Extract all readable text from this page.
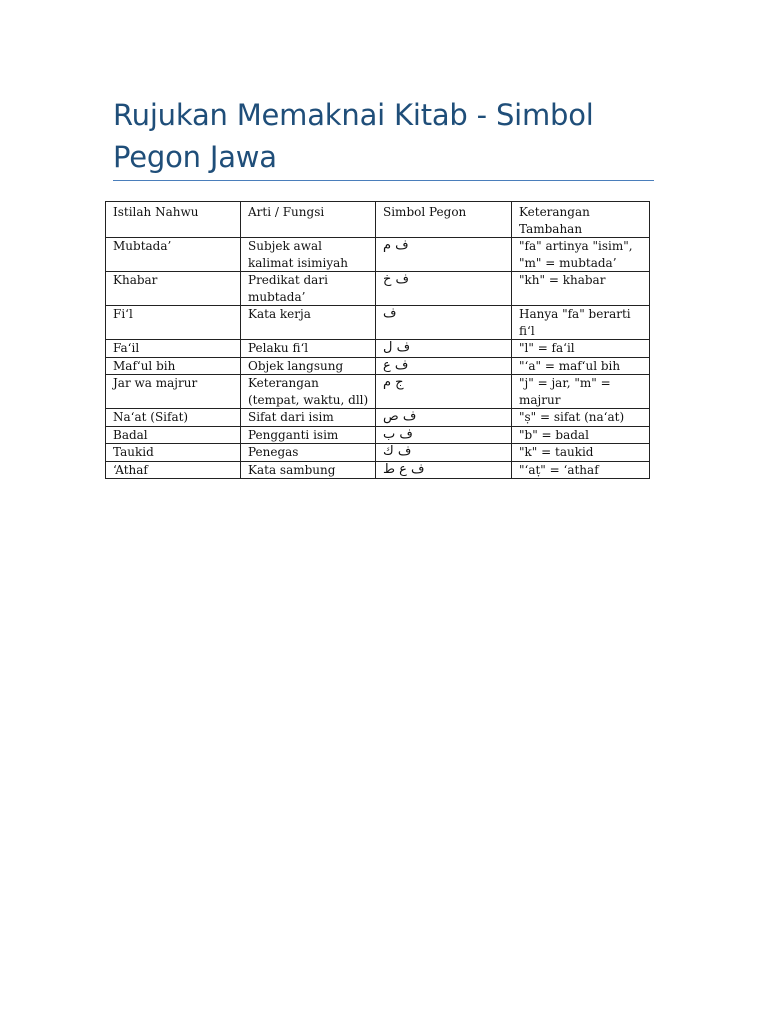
Rujukan Memaknai Kitab - Simbol Pegon Jawa
Istilah Nahwu	Arti / Fungsi	Simbol Pegon	Keterangan Tambahan
Mubtada’	Subjek awal kalimat isimiyah	ف م	"fa" artinya "isim", "m" = mubtada’
Khabar	Predikat dari mubtada’	ف خ	"kh" = khabar
Fi‘l	Kata kerja	ف	Hanya "fa" berarti fi‘l
Fa‘il	Pelaku fi‘l	ف ل	"l" = fa‘il
Maf‘ul bih	Objek langsung	ف ع	"‘a" = maf‘ul bih
Jar wa majrur	Keterangan (tempat, waktu, dll)	ج م	"j" = jar, "m" = majrur
Na‘at (Sifat)	Sifat dari isim	ف ص	"ṣ" = sifat (na‘at)
Badal	Pengganti isim	ف ب	"b" = badal
Taukid	Penegas	ف ك	"k" = taukid
‘Athaf	Kata sambung	ف ع ط	"‘aṭ" = ‘athaf
